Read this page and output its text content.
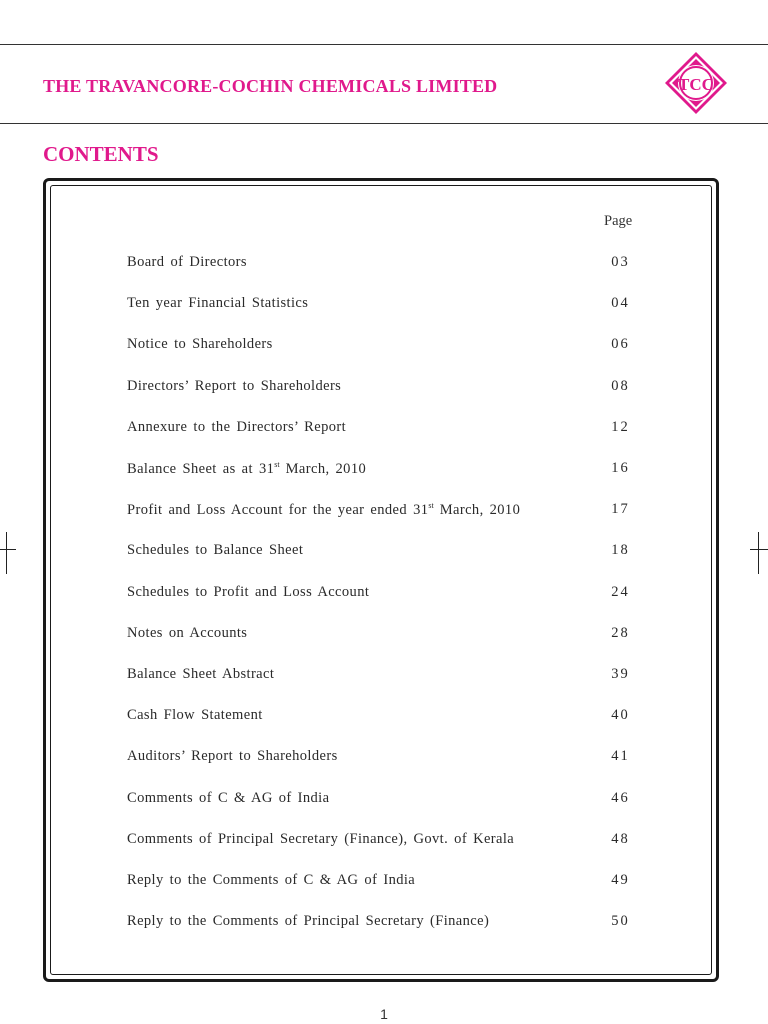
THE TRAVANCORE-COCHIN CHEMICALS LIMITED	TCC
CONTENTS
Page
Board of Directors	03
Ten year Financial Statistics	04
Notice to Shareholders	06
Directors’ Report to Shareholders	08
Annexure to the Directors’ Report	12
Balance Sheet as at 31st March, 2010	16
Profit and Loss Account for the year ended 31st March, 2010	17
Schedules to Balance Sheet	18
Schedules to Profit and Loss Account	24
Notes on Accounts	28
Balance Sheet Abstract	39
Cash Flow Statement	40
Auditors’ Report to Shareholders	41
Comments of C & AG of India	46
Comments of Principal Secretary (Finance), Govt. of Kerala	48
Reply to the Comments of C & AG of India	49
Reply to the Comments of Principal Secretary (Finance)	50
1
